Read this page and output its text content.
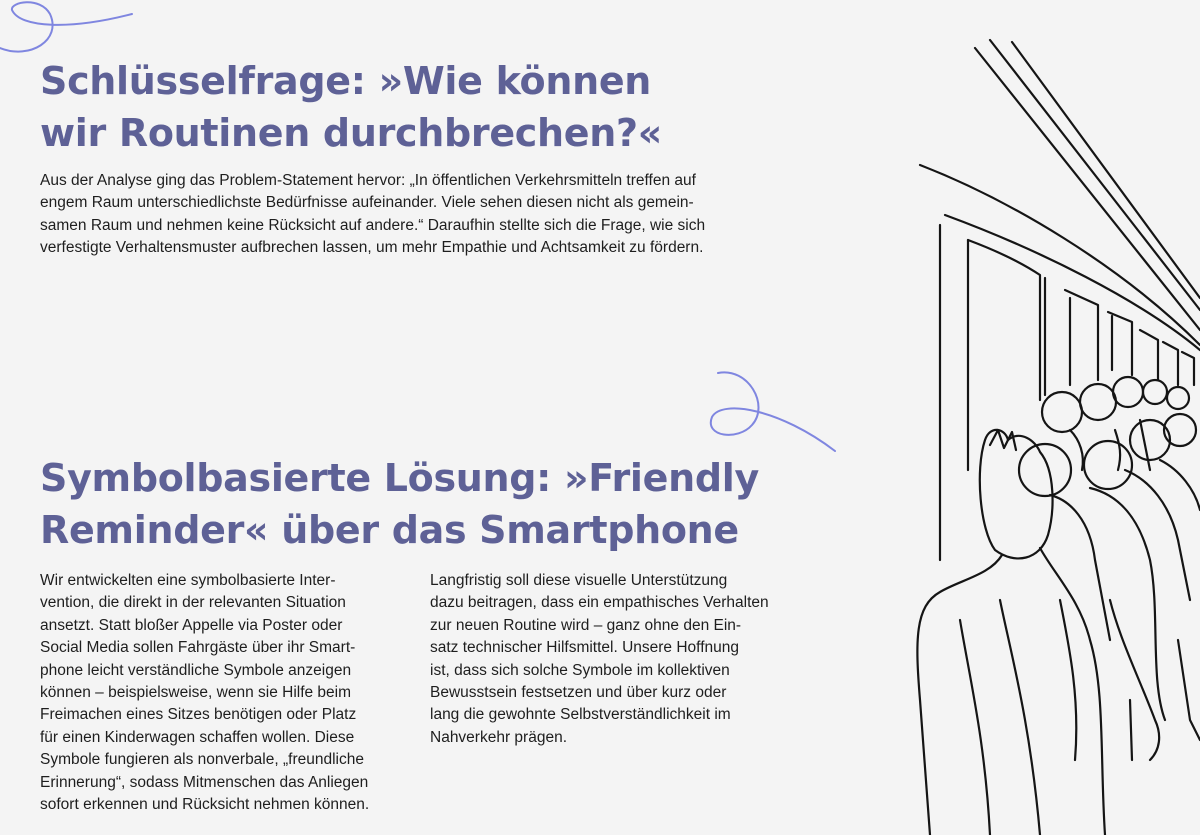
Schlüsselfrage: »Wie können
wir Routinen durchbrechen?«

Aus der Analyse ging das Problem-Statement hervor: „In öffentlichen Verkehrsmitteln treffen auf
engem Raum unterschiedlichste Bedürfnisse aufeinander. Viele sehen diesen nicht als gemein-
samen Raum und nehmen keine Rücksicht auf andere.“ Daraufhin stellte sich die Frage, wie sich
verfestigte Verhaltensmuster aufbrechen lassen, um mehr Empathie und Achtsamkeit zu fördern.

Symbolbasierte Lösung: »Friendly
Reminder« über das Smartphone

Wir entwickelten eine symbolbasierte Inter-
vention, die direkt in der relevanten Situation
ansetzt. Statt bloßer Appelle via Poster oder
Social Media sollen Fahrgäste über ihr Smart-
phone leicht verständliche Symbole anzeigen
können – beispielsweise, wenn sie Hilfe beim
Freimachen eines Sitzes benötigen oder Platz
für einen Kinderwagen schaffen wollen. Diese
Symbole fungieren als nonverbale, „freundliche
Erinnerung“, sodass Mitmenschen das Anliegen
sofort erkennen und Rücksicht nehmen können.

Langfristig soll diese visuelle Unterstützung
dazu beitragen, dass ein empathisches Verhalten
zur neuen Routine wird – ganz ohne den Ein-
satz technischer Hilfsmittel. Unsere Hoffnung
ist, dass sich solche Symbole im kollektiven
Bewusstsein festsetzen und über kurz oder
lang die gewohnte Selbstverständlichkeit im
Nahverkehr prägen.
